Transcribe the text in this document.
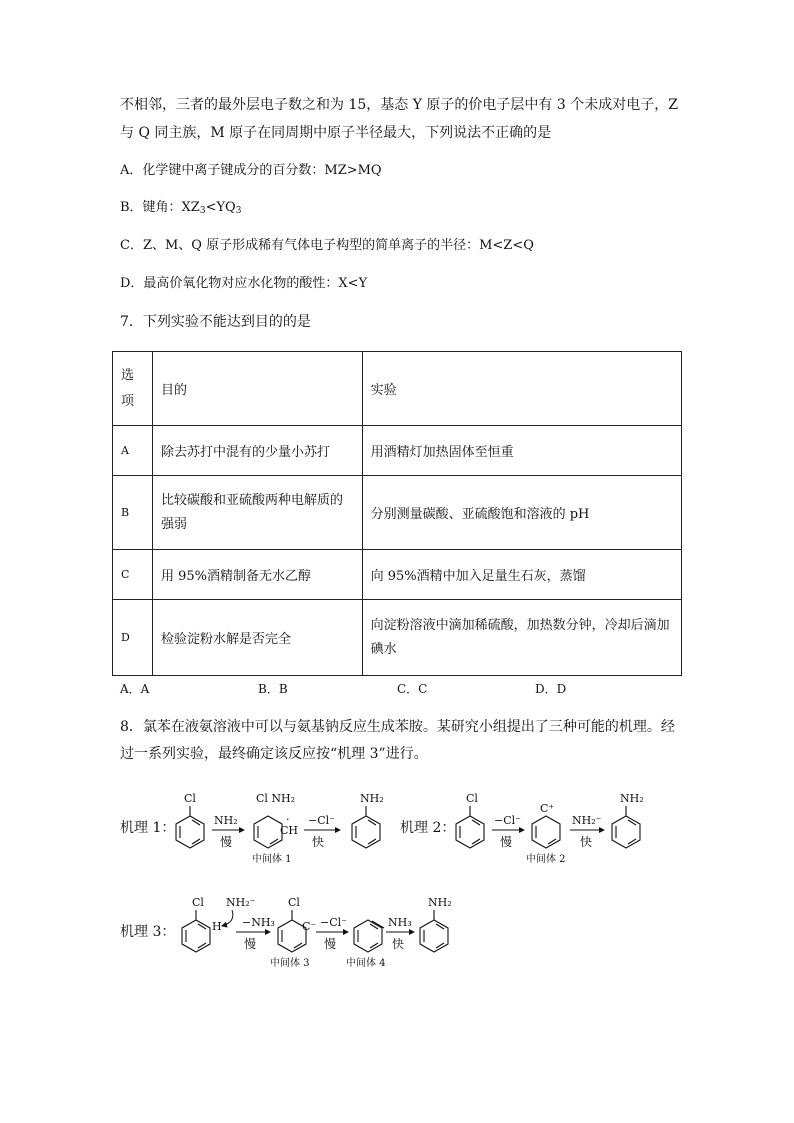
不相邻，三者的最外层电子数之和为 15，基态 Y 原子的价电子层中有 3 个未成对电子，Z
与 Q 同主族，M 原子在同周期中原子半径最大，下列说法不正确的是
A．化学键中离子键成分的百分数：MZ>MQ
B．键角：$XZ_3<YQ_3$
C．Z、M、Q 原子形成稀有气体电子构型的简单离子的半径：M<Z<Q
D．最高价氧化物对应水化物的酸性：X<Y
7．下列实验不能达到目的的是
选项	目的	实验
A	除去苏打中混有的少量小苏打	用酒精灯加热固体至恒重
B	比较碳酸和亚硫酸两种电解质的强弱	分别测量碳酸、亚硫酸饱和溶液的 pH
C	用 95%酒精制备无水乙醇	向 95%酒精中加入足量生石灰，蒸馏
D	检验淀粉水解是否完全	向淀粉溶液中滴加稀硫酸，加热数分钟，冷却后滴加碘水
A．A	B．B	C．C	D．D
8．氯苯在液氨溶液中可以与氨基钠反应生成苯胺。某研究小组提出了三种可能的机理。经
过一系列实验，最终确定该反应按“机理 3”进行。
机理 1：
Cl
NH₂
慢
Cl NH₂
CH
·
中间体 1
−Cl⁻
快
NH₂
机理 2：
Cl
−Cl⁻
慢
C⁺
中间体 2
NH₂⁻
快
NH₂
机理 3：
Cl
H
NH₂⁻
−NH₃
慢
Cl
C⁻
中间体 3
−Cl⁻
慢
中间体 4
NH₃
快
NH₂
